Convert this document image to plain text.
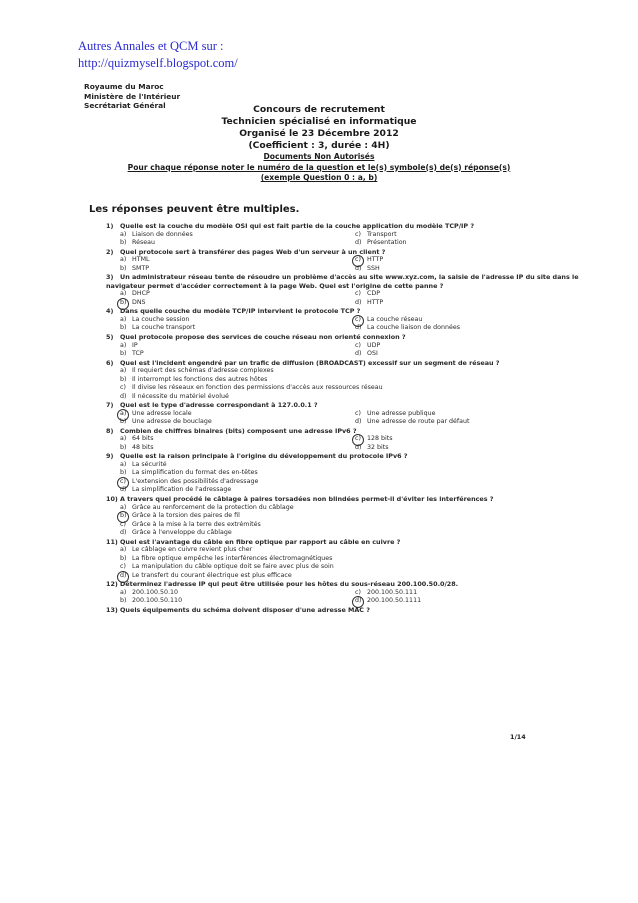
Autres Annales et QCM sur :
http://quizmyself.blogspot.com/
Royaume du Maroc
Ministère de l'Intérieur
Secrétariat Général	Concours de recrutement
Technicien spécialisé en informatique
Organisé le 23 Décembre 2012
(Coefficient : 3, durée : 4H)
Documents Non Autorisés
Pour chaque réponse noter le numéro de la question et le(s) symbole(s) de(s) réponse(s)
(exemple Question 0 : a, b)
Les réponses peuvent être multiples.
1) Quelle est la couche du modèle OSI qui est fait partie de la couche application du modèle TCP/IP ?
a) Liaison de données	c) Transport
b) Réseau	d) Présentation
2) Quel protocole sert à transférer des pages Web d'un serveur à un client ?
a) HTML	c) HTTP
b) SMTP	d) SSH
3) Un administrateur réseau tente de résoudre un problème d'accès au site www.xyz.com, la saisie de l'adresse IP du site dans le navigateur permet d'accéder correctement à la page Web. Quel est l'origine de cette panne ?
a) DHCP	c) CDP
b) DNS	d) HTTP
4) Dans quelle couche du modèle TCP/IP intervient le protocole TCP ?
a) La couche session	c) La couche réseau
b) La couche transport	d) La couche liaison de données
5) Quel protocole propose des services de couche réseau non orienté connexion ?
a) IP	c) UDP
b) TCP	d) OSI
6) Quel est l'incident engendré par un trafic de diffusion (BROADCAST) excessif sur un segment de réseau ?
a) Il requiert des schémas d'adresse complexes
b) Il interrompt les fonctions des autres hôtes
c) Il divise les réseaux en fonction des permissions d'accès aux ressources réseau
d) Il nécessite du matériel évolué
7) Quel est le type d'adresse correspondant à 127.0.0.1 ?
a) Une adresse locale	c) Une adresse publique
b) Une adresse de bouclage	d) Une adresse de route par défaut
8) Combien de chiffres binaires (bits) composent une adresse IPv6 ?
a) 64 bits	c) 128 bits
b) 48 bits	d) 32 bits
9) Quelle est la raison principale à l'origine du développement du protocole IPv6 ?
a) La sécurité
b) La simplification du format des en-têtes
c) L'extension des possibilités d'adressage
d) La simplification de l'adressage
10) A travers quel procédé le câblage à paires torsadées non blindées permet-il d'éviter les interférences ?
a) Grâce au renforcement de la protection du câblage
b) Grâce à la torsion des paires de fil
c) Grâce à la mise à la terre des extrémités
d) Grâce à l'enveloppe du câblage
11) Quel est l'avantage du câble en fibre optique par rapport au câble en cuivre ?
a) Le câblage en cuivre revient plus cher
b) La fibre optique empêche les interférences électromagnétiques
c) La manipulation du câble optique doit se faire avec plus de soin
d) Le transfert du courant électrique est plus efficace
12) Déterminez l'adresse IP qui peut être utilisée pour les hôtes du sous-réseau 200.100.50.0/28.
a) 200.100.50.10	c) 200.100.50.111
b) 200.100.50.110	d) 200.100.50.1111
13) Quels équipements du schéma doivent disposer d'une adresse MAC ?
1/14
